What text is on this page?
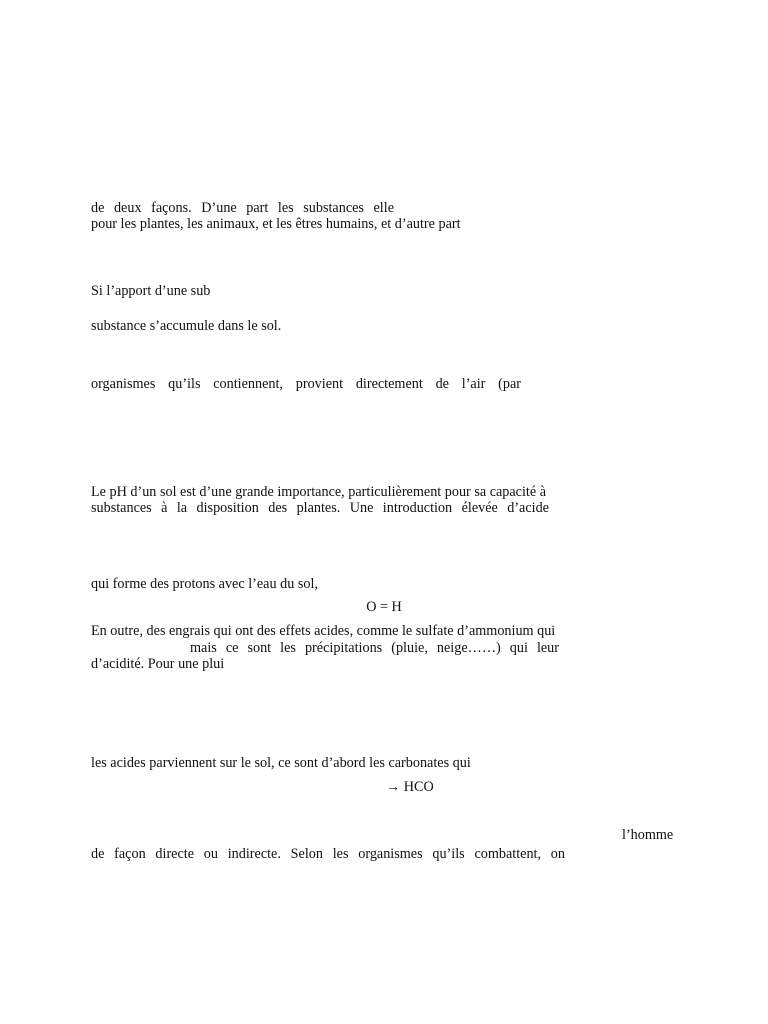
de deux façons. D’une part les substances elle
pour les plantes, les animaux, et les êtres humains, et d’autre part
Si l’apport d’une sub
substance s’accumule dans le sol.
organismes qu’ils contiennent, provient directement de l’air (par
Le pH d’un sol est d’une grande importance, particulièrement pour sa capacité à
substances à la disposition des plantes. Une introduction élevée d’acide
qui forme des protons avec l’eau du sol,
O = H
En outre, des engrais qui ont des effets acides, comme le sulfate d’ammonium qui
mais ce sont les précipitations (pluie, neige……) qui leur
d’acidité. Pour une plui
les acides parviennent sur le sol, ce sont d’abord les carbonates qui
→ HCO
l’homme
de façon directe ou indirecte. Selon les organismes qu’ils combattent, on
